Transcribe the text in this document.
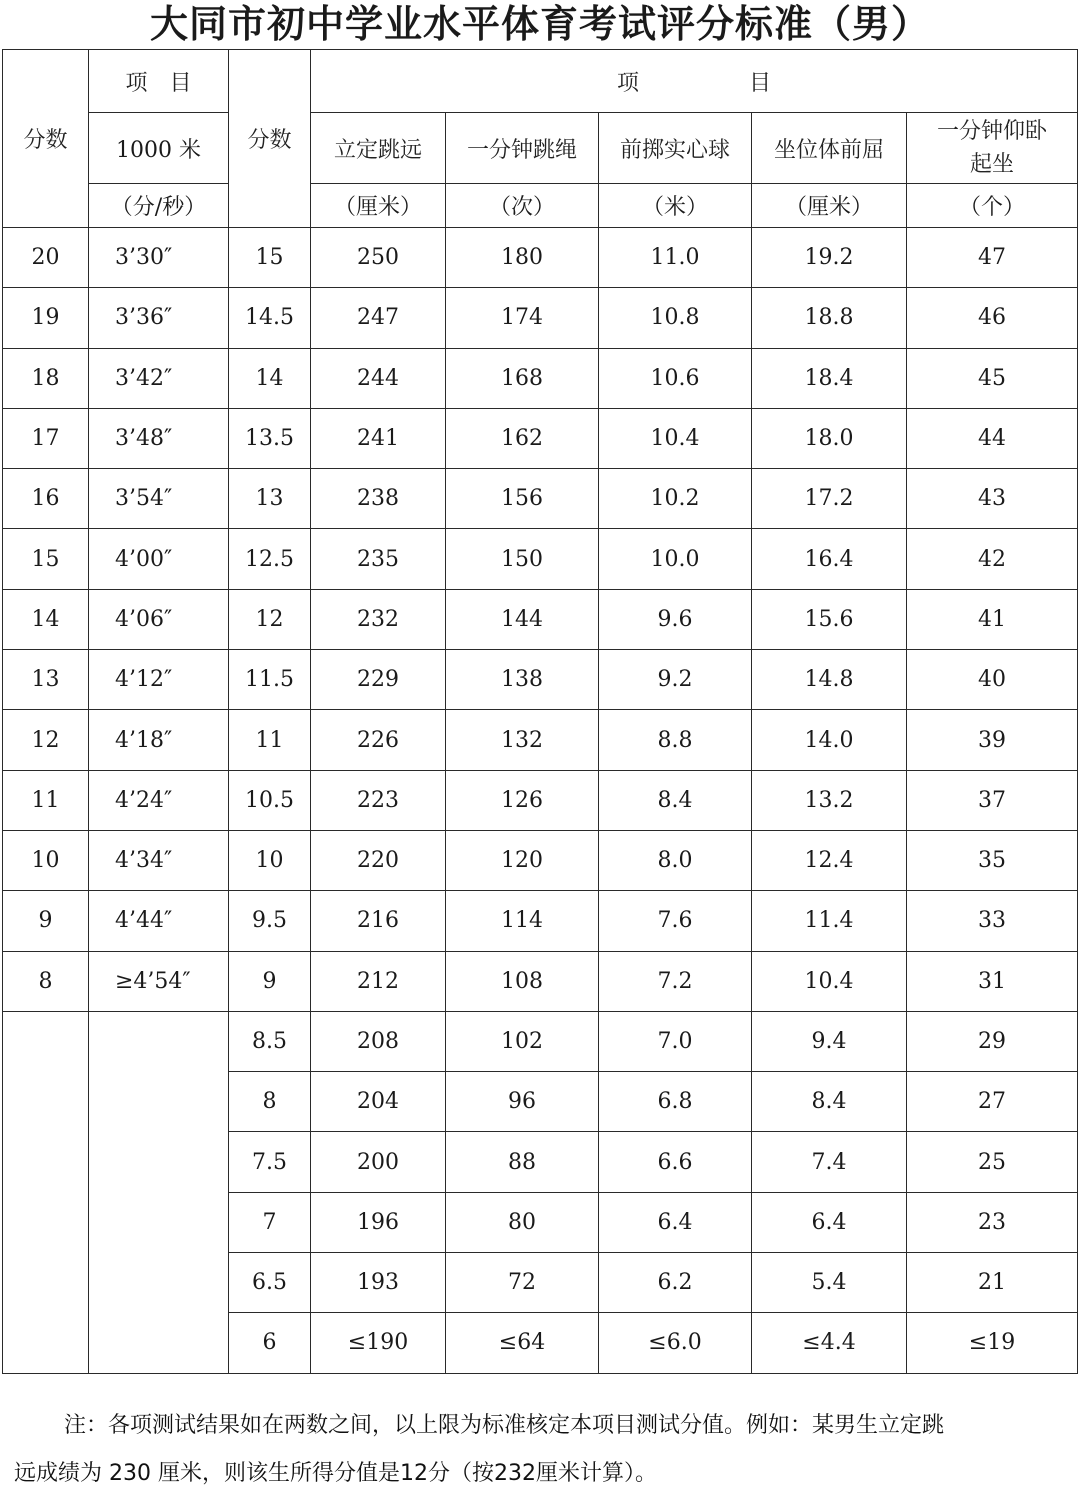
大同市初中学业水平体育考试评分标准（男）
分数	项　目	分数	项　　　　　目				
	1000 米		立定跳远	一分钟跳绳	前掷实心球	坐位体前屈	一分钟仰卧起坐
	（分/秒）		（厘米）	（次）	（米）	（厘米）	（个）
20	3’30″	15	250	180	11.0	19.2	47
19	3’36″	14.5	247	174	10.8	18.8	46
18	3’42″	14	244	168	10.6	18.4	45
17	3’48″	13.5	241	162	10.4	18.0	44
16	3’54″	13	238	156	10.2	17.2	43
15	4’00″	12.5	235	150	10.0	16.4	42
14	4’06″	12	232	144	9.6	15.6	41
13	4’12″	11.5	229	138	9.2	14.8	40
12	4’18″	11	226	132	8.8	14.0	39
11	4’24″	10.5	223	126	8.4	13.2	37
10	4’34″	10	220	120	8.0	12.4	35
9	4’44″	9.5	216	114	7.6	11.4	33
8	≥4’54″	9	212	108	7.2	10.4	31
		8.5	208	102	7.0	9.4	29
		8	204	96	6.8	8.4	27
		7.5	200	88	6.6	7.4	25
		7	196	80	6.4	6.4	23
		6.5	193	72	6.2	5.4	21
		6	≤190	≤64	≤6.0	≤4.4	≤19
注：各项测试结果如在两数之间，以上限为标准核定本项目测试分值。例如：某男生立定跳
远成绩为 230 厘米，则该生所得分值是12分（按232厘米计算）。
